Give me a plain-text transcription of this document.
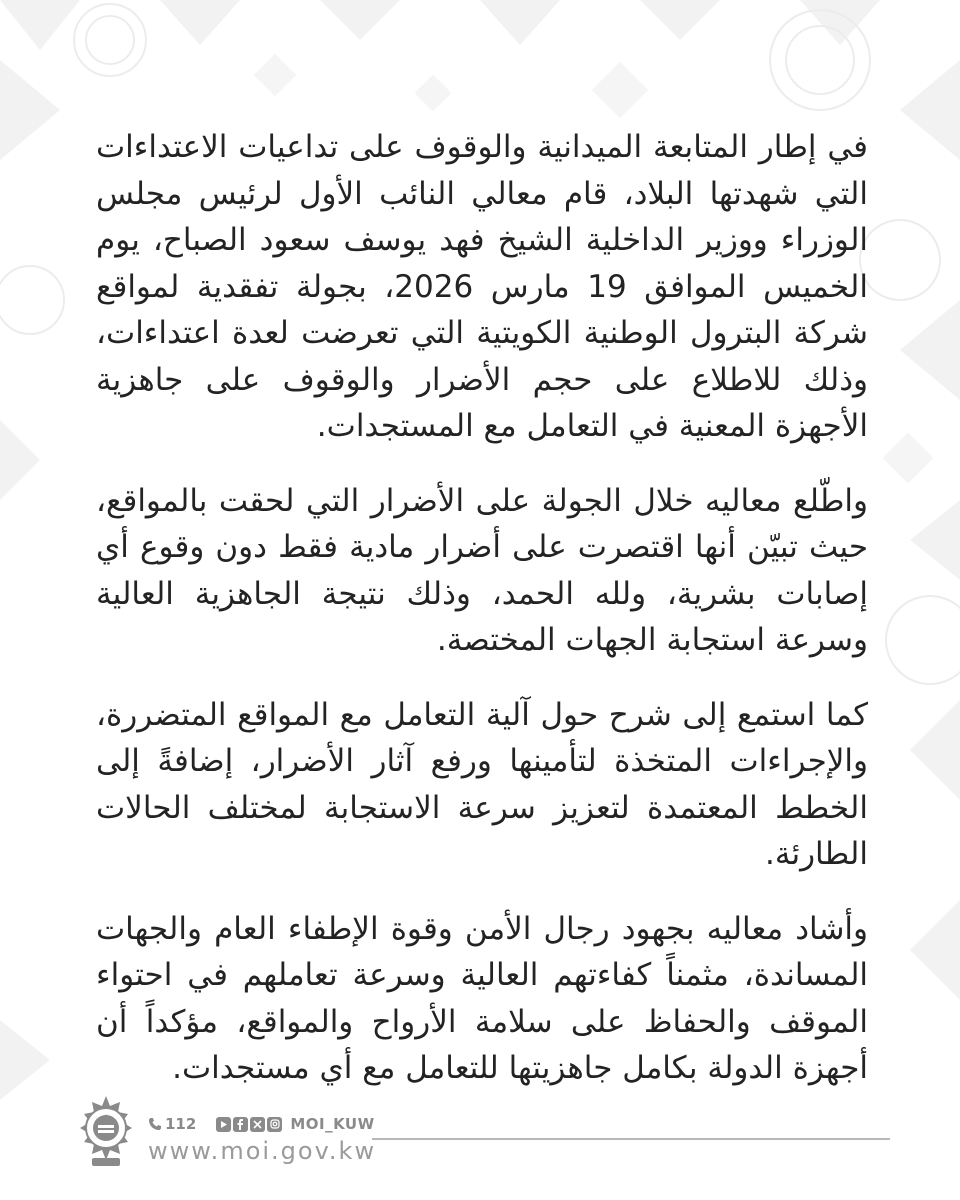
في إطار المتابعة الميدانية والوقوف على تداعيات الاعتداءات التي شهدتها البلاد، قام معالي النائب الأول لرئيس مجلس الوزراء ووزير الداخلية الشيخ فهد يوسف سعود الصباح، يوم الخميس الموافق 19 مارس 2026، بجولة تفقدية لمواقع شركة البترول الوطنية الكويتية التي تعرضت لعدة اعتداءات، وذلك للاطلاع على حجم الأضرار والوقوف على جاهزية الأجهزة المعنية في التعامل مع المستجدات.

واطّلع معاليه خلال الجولة على الأضرار التي لحقت بالمواقع، حيث تبيّن أنها اقتصرت على أضرار مادية فقط دون وقوع أي إصابات بشرية، ولله الحمد، وذلك نتيجة الجاهزية العالية وسرعة استجابة الجهات المختصة.

كما استمع إلى شرح حول آلية التعامل مع المواقع المتضررة، والإجراءات المتخذة لتأمينها ورفع آثار الأضرار، إضافةً إلى الخطط المعتمدة لتعزيز سرعة الاستجابة لمختلف الحالات الطارئة.

وأشاد معاليه بجهود رجال الأمن وقوة الإطفاء العام والجهات المساندة، مثمناً كفاءتهم العالية وسرعة تعاملهم في احتواء الموقف والحفاظ على سلامة الأرواح والمواقع، مؤكداً أن أجهزة الدولة بكامل جاهزيتها للتعامل مع أي مستجدات.

112	MOI_KUW
www.moi.gov.kw
